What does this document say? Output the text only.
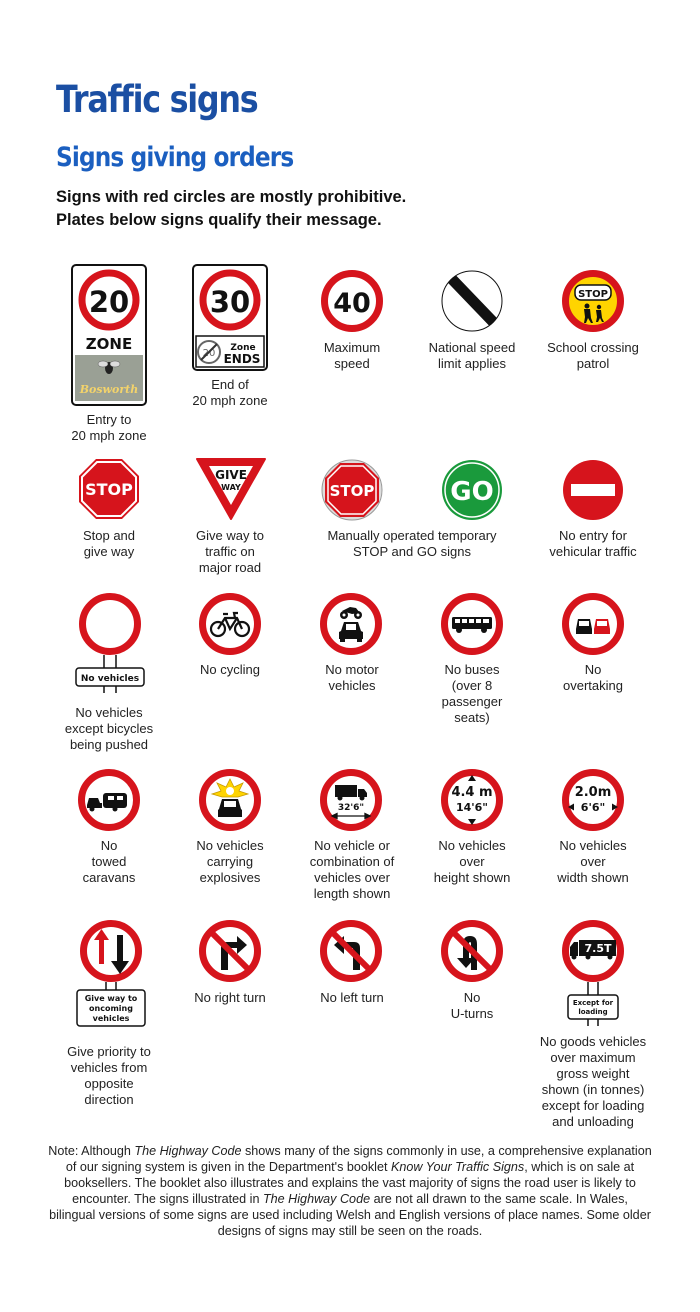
Traffic signs
Signs giving orders
Signs with red circles are mostly prohibitive.
Plates below signs qualify their message.
20
ZONE
Bosworth
Entry to
20 mph zone
30
20 Zone
ENDS
End of
20 mph zone
40
Maximum
speed
National speed
limit applies
STOP
School crossing
patrol
STOP
Stop and
give way
GIVE
WAY
Give way to
traffic on
major road
STOP	GO
Manually operated temporary
STOP and GO signs
No entry for
vehicular traffic
No vehicles
No vehicles
except bicycles
being pushed
No cycling	No motor
vehicles
No buses
(over 8
passenger
seats)
No
overtaking
No
towed
caravans
No vehicles
carrying
explosives
32'6"
No vehicle or
combination of
vehicles over
length shown
4.4 m
14'6"
No vehicles
over
height shown
2.0m
6'6"
No vehicles
over
width shown
Give way to
oncoming
vehicles
Give priority to
vehicles from
opposite
direction
No right turn	No left turn	No
U-turns
7.5T
Except for
loading
No goods vehicles
over maximum
gross weight
shown (in tonnes)
except for loading
and unloading
Note: Although The Highway Code shows many of the signs commonly in use, a comprehensive explanation of our signing system is given in the Department's booklet Know Your Traffic Signs, which is on sale at booksellers. The booklet also illustrates and explains the vast majority of signs the road user is likely to encounter. The signs illustrated in The Highway Code are not all drawn to the same scale. In Wales, bilingual versions of some signs are used including Welsh and English versions of place names. Some older designs of signs may still be seen on the roads.
